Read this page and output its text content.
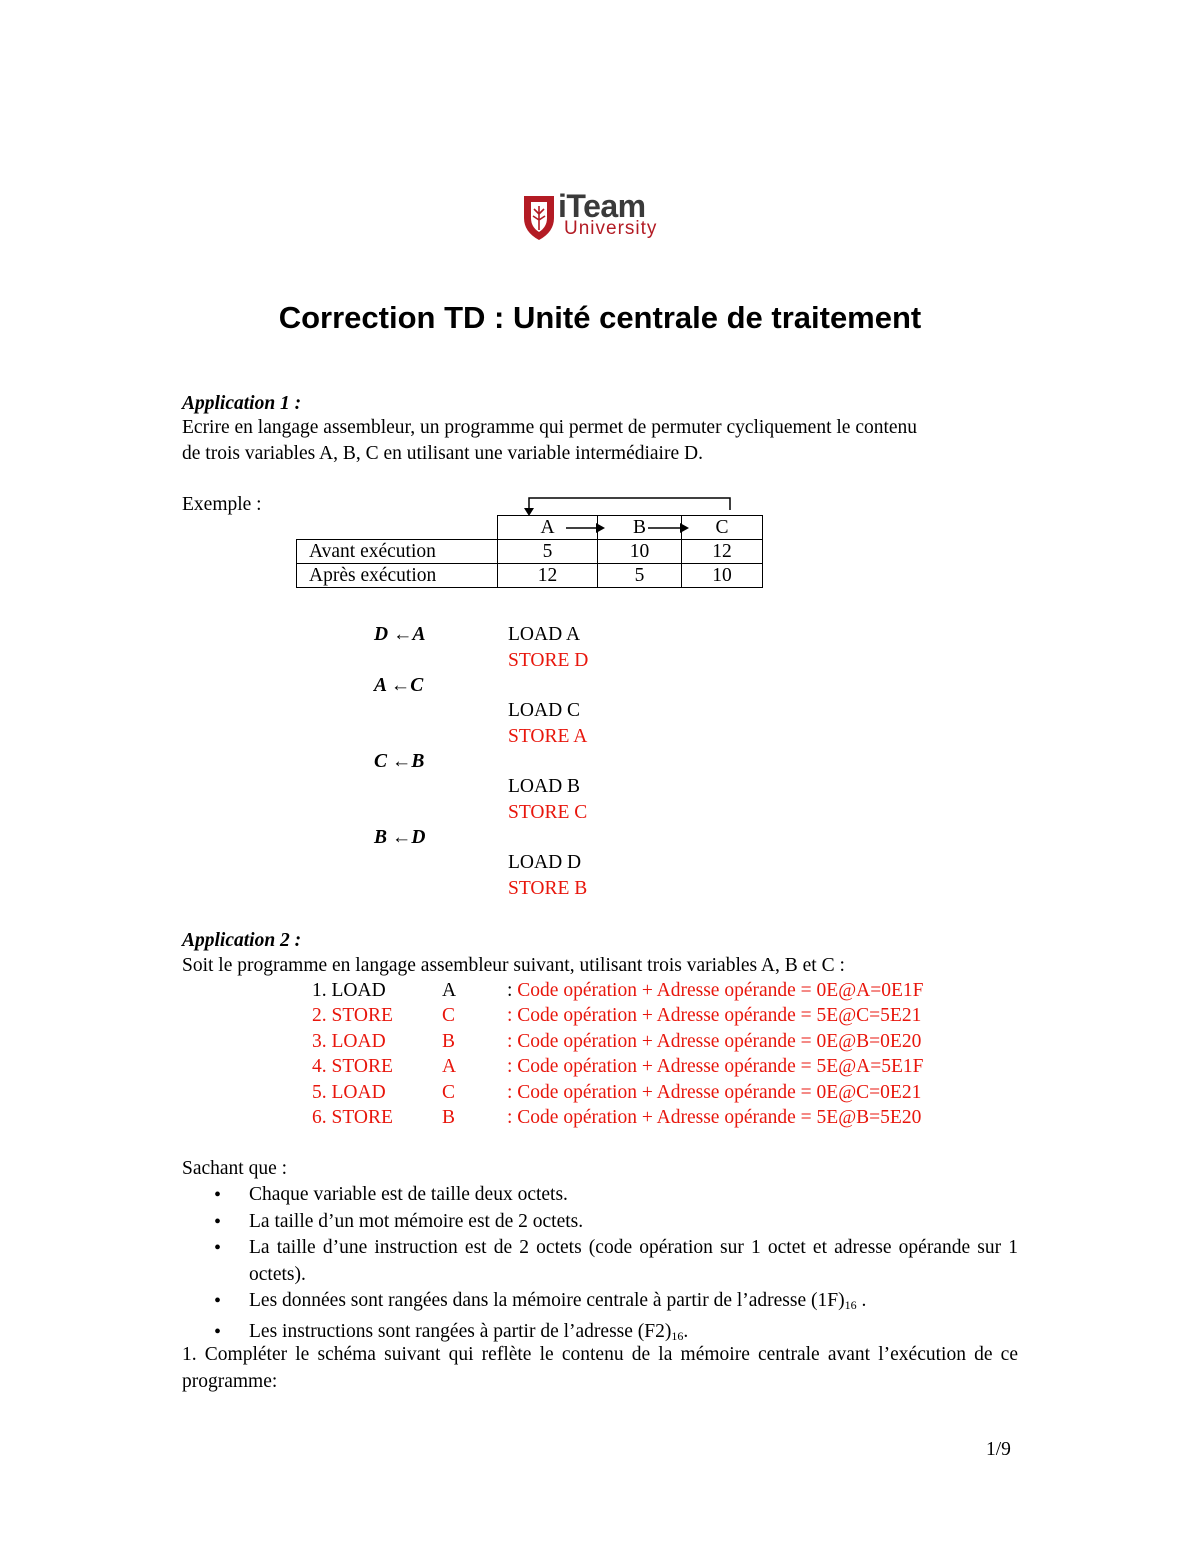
iTeam
University
Correction TD : Unité centrale de traitement
Application 1 :
Ecrire en langage assembleur, un programme qui permet de permuter cycliquement le contenu
de trois variables A, B, C en utilisant une variable intermédiaire D.
Exemple :
	A	B	C
Avant exécution	5	10	12
Après exécution	12	5	10
D ←A	LOAD A
STORE D
A ←C
LOAD C
STORE A
C ←B
LOAD B
STORE C
B ←D
LOAD D
STORE B
Application 2 :
Soit le programme en langage assembleur suivant, utilisant trois variables A, B et C :
1. LOAD	A	: Code opération + Adresse opérande = 0E@A=0E1F
2. STORE	C	: Code opération + Adresse opérande = 5E@C=5E21
3. LOAD	B	: Code opération + Adresse opérande = 0E@B=0E20
4. STORE	A	: Code opération + Adresse opérande = 5E@A=5E1F
5. LOAD	C	: Code opération + Adresse opérande = 0E@C=0E21
6. STORE	B	: Code opération + Adresse opérande = 5E@B=5E20
Sachant que :
• Chaque variable est de taille deux octets.
• La taille d’un mot mémoire est de 2 octets.
• La taille d’une instruction est de 2 octets (code opération sur 1 octet et adresse opérande sur 1 octets).
• Les données sont rangées dans la mémoire centrale à partir de l’adresse $(1F)_{16}$ .
• Les instructions sont rangées à partir de l’adresse $(F2)_{16}$.
1. Compléter le schéma suivant qui reflète le contenu de la mémoire centrale avant l’exécution de ce programme:
1/9
